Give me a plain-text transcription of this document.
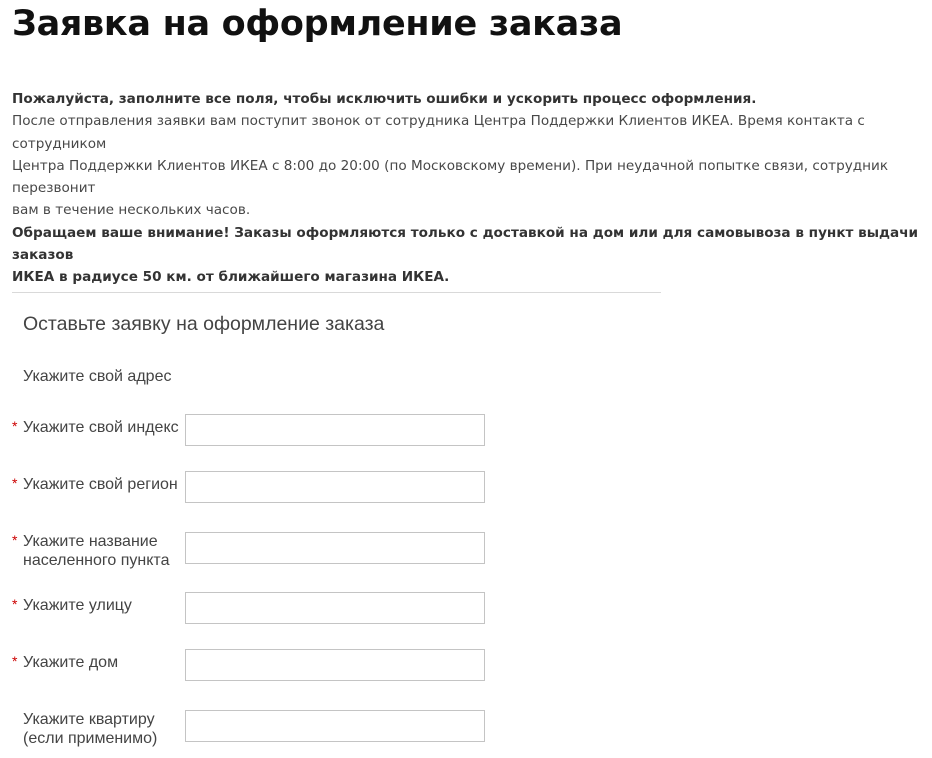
Заявка на оформление заказа
Пожалуйста, заполните все поля, чтобы исключить ошибки и ускорить процесс оформления.
После отправления заявки вам поступит звонок от сотрудника Центра Поддержки Клиентов ИКЕА. Время контакта с сотрудником
Центра Поддержки Клиентов ИКЕА с 8:00 до 20:00 (по Московскому времени). При неудачной попытке связи, сотрудник перезвонит
вам в течение нескольких часов.
Обращаем ваше внимание! Заказы оформляются только с доставкой на дом или для самовывоза в пункт выдачи заказов
ИКЕА в радиусе 50 км. от ближайшего магазина ИКЕА.
Оставьте заявку на оформление заказа
Укажите свой адрес
* Укажите свой индекс
* Укажите свой регион
* Укажите название
населенного пункта
* Укажите улицу
* Укажите дом
Укажите квартиру
(если применимо)
